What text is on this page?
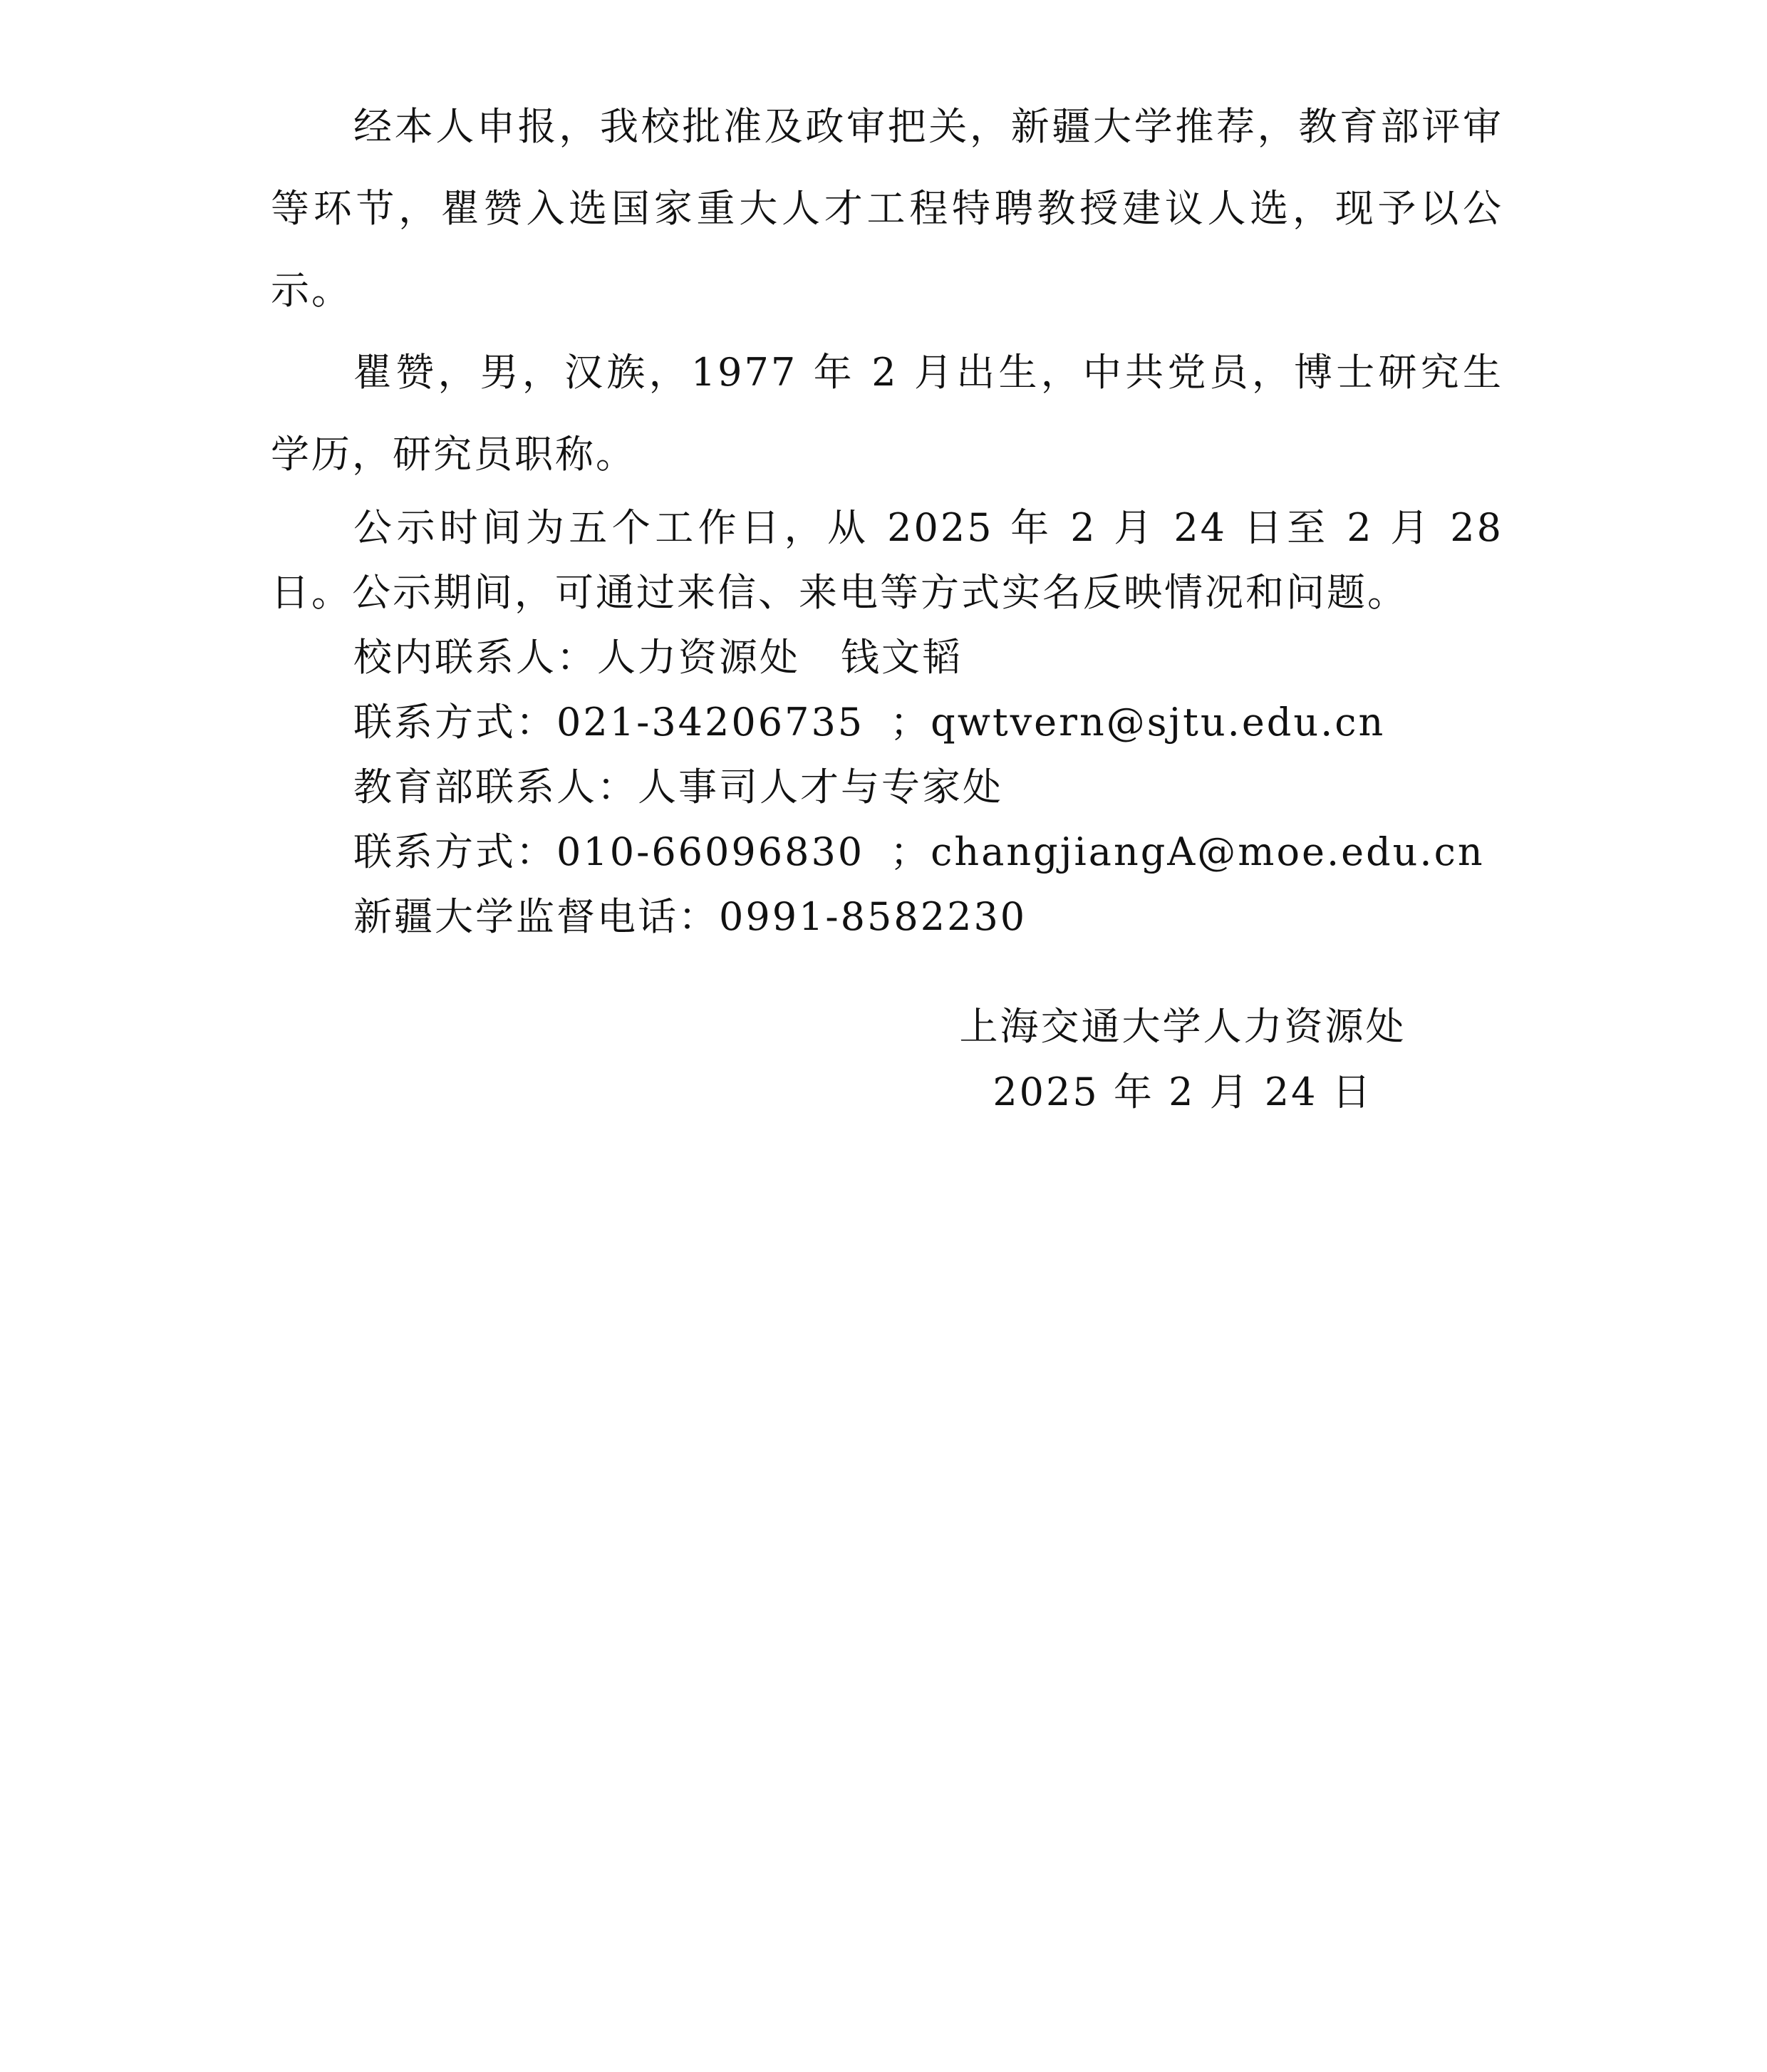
经本人申报，我校批准及政审把关，新疆大学推荐，教育部评审等环节，瞿赞入选国家重大人才工程特聘教授建议人选，现予以公示。

瞿赞，男，汉族，1977 年 2 月出生，中共党员，博士研究生学历，研究员职称。

公示时间为五个工作日，从 2025 年 2 月 24 日至 2 月 28 日。公示期间，可通过来信、来电等方式实名反映情况和问题。

校内联系人：人力资源处　钱文韬

联系方式：021-34206735 ；qwtvern@sjtu.edu.cn

教育部联系人：人事司人才与专家处

联系方式：010-66096830 ；changjiangA@moe.edu.cn

新疆大学监督电话：0991-8582230

上海交通大学人力资源处
2025 年 2 月 24 日
